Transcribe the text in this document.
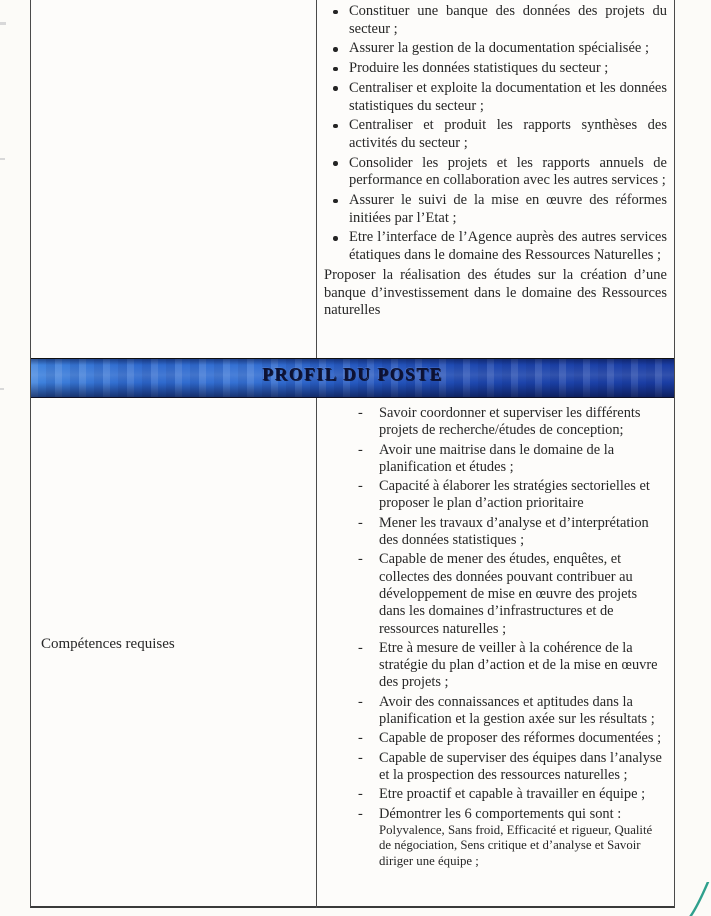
Constituer une banque des données des projets du secteur ;
Assurer la gestion de la documentation spécialisée ;
Produire les données statistiques du secteur ;
Centraliser et exploite la documentation et les données statistiques du secteur ;
Centraliser et produit les rapports synthèses des activités du secteur ;
Consolider les projets et les rapports annuels de performance en collaboration avec les autres services ;
Assurer le suivi de la mise en œuvre des réformes initiées par l’Etat ;
Etre l’interface de l’Agence auprès des autres services étatiques dans le domaine des Ressources Naturelles ;

Proposer la réalisation des études sur la création d’une banque d’investissement dans le domaine des Ressources naturelles

PROFIL DU POSTE
Compétences requises
- Savoir coordonner et superviser les différents projets de recherche/études de conception;
- Avoir une maitrise dans le domaine de la planification et études ;
- Capacité à élaborer les stratégies sectorielles et proposer le plan d’action prioritaire
- Mener les travaux d’analyse et d’interprétation des données statistiques ;
- Capable de mener des études, enquêtes, et collectes des données pouvant contribuer au développement de mise en œuvre des projets dans les domaines d’infrastructures et de ressources naturelles ;
- Etre à mesure de veiller à la cohérence de la stratégie du plan d’action et de la mise en œuvre des projets ;
- Avoir des connaissances et aptitudes dans la planification et la gestion axée sur les résultats ;
- Capable de proposer des réformes documentées ;
- Capable de superviser des équipes dans l’analyse et la prospection des ressources naturelles ;
- Etre proactif et capable à travailler en équipe ;
- Démontrer les 6 comportements qui sont :
Polyvalence, Sans froid, Efficacité et rigueur, Qualité de négociation, Sens critique et d’analyse et Savoir diriger une équipe ;
